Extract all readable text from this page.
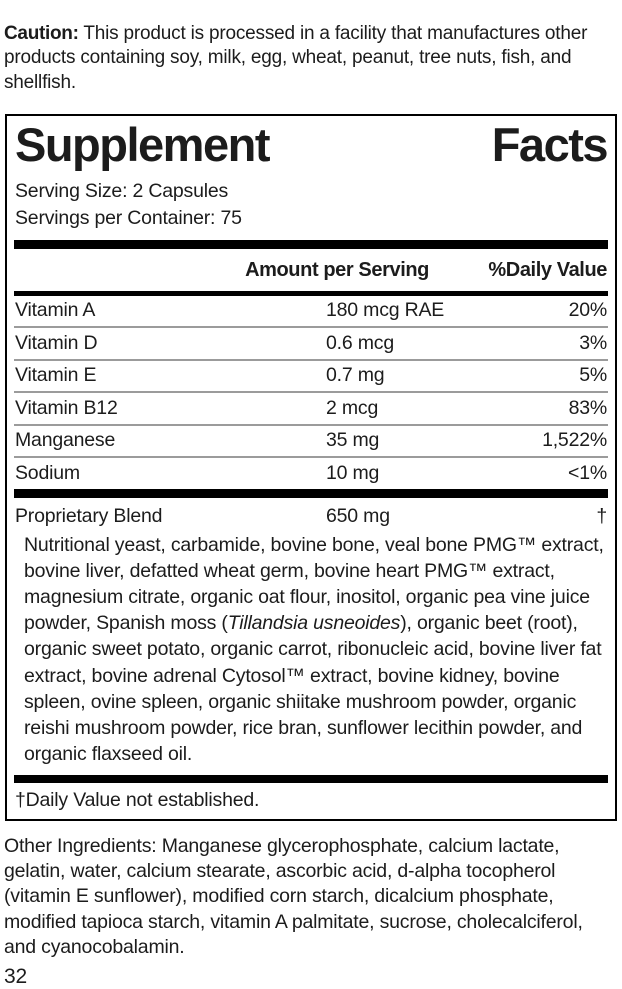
Caution: This product is processed in a facility that manufactures other products containing soy, milk, egg, wheat, peanut, tree nuts, fish, and shellfish.

Supplement	Facts
Serving Size: 2 Capsules
Servings per Container: 75
Amount per Serving	%Daily Value
Vitamin A	180 mcg RAE	20%
Vitamin D	0.6 mcg	3%
Vitamin E	0.7 mg	5%
Vitamin B12	2 mcg	83%
Manganese	35 mg	1,522%
Sodium	10 mg	<1%
Proprietary Blend	650 mg	†

Nutritional yeast, carbamide, bovine bone, veal bone PMG™ extract, bovine liver, defatted wheat germ, bovine heart PMG™ extract, magnesium citrate, organic oat flour, inositol, organic pea vine juice powder, Spanish moss (Tillandsia usneoides), organic beet (root), organic sweet potato, organic carrot, ribonucleic acid, bovine liver fat extract, bovine adrenal Cytosol™ extract, bovine kidney, bovine spleen, ovine spleen, organic shiitake mushroom powder, organic reishi mushroom powder, rice bran, sunflower lecithin powder, and organic flaxseed oil.

†Daily Value not established.

Other Ingredients: Manganese glycerophosphate, calcium lactate, gelatin, water, calcium stearate, ascorbic acid, d-alpha tocopherol (vitamin E sunflower), modified corn starch, dicalcium phosphate, modified tapioca starch, vitamin A palmitate, sucrose, cholecalciferol, and cyanocobalamin.

32
